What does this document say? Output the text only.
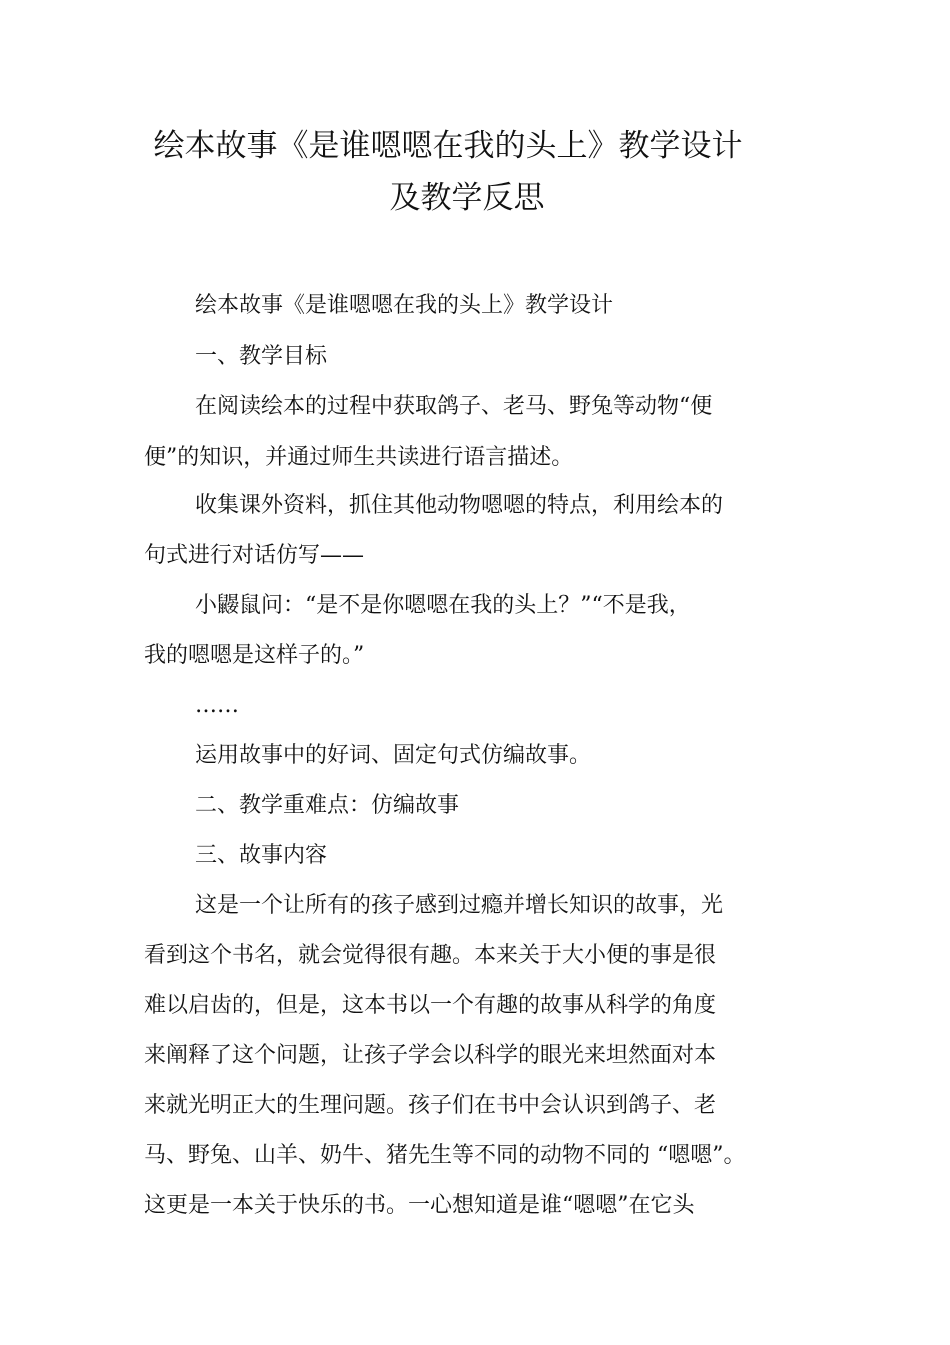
绘本故事《是谁嗯嗯在我的头上》教学设计
及教学反思
绘本故事《是谁嗯嗯在我的头上》教学设计
一、教学目标
在阅读绘本的过程中获取鸽子、老马、野兔等动物“便
便”的知识，并通过师生共读进行语言描述。
收集课外资料，抓住其他动物嗯嗯的特点，利用绘本的
句式进行对话仿写——
小鼹鼠问：“是不是你嗯嗯在我的头上？”“不是我，
我的嗯嗯是这样子的。”
……
运用故事中的好词、固定句式仿编故事。
二、教学重难点：仿编故事
三、故事内容
这是一个让所有的孩子感到过瘾并增长知识的故事，光
看到这个书名，就会觉得很有趣。本来关于大小便的事是很
难以启齿的，但是，这本书以一个有趣的故事从科学的角度
来阐释了这个问题，让孩子学会以科学的眼光来坦然面对本
来就光明正大的生理问题。孩子们在书中会认识到鸽子、老
马、野兔、山羊、奶牛、猪先生等不同的动物不同的 “嗯嗯”。
这更是一本关于快乐的书。一心想知道是谁“嗯嗯”在它头
